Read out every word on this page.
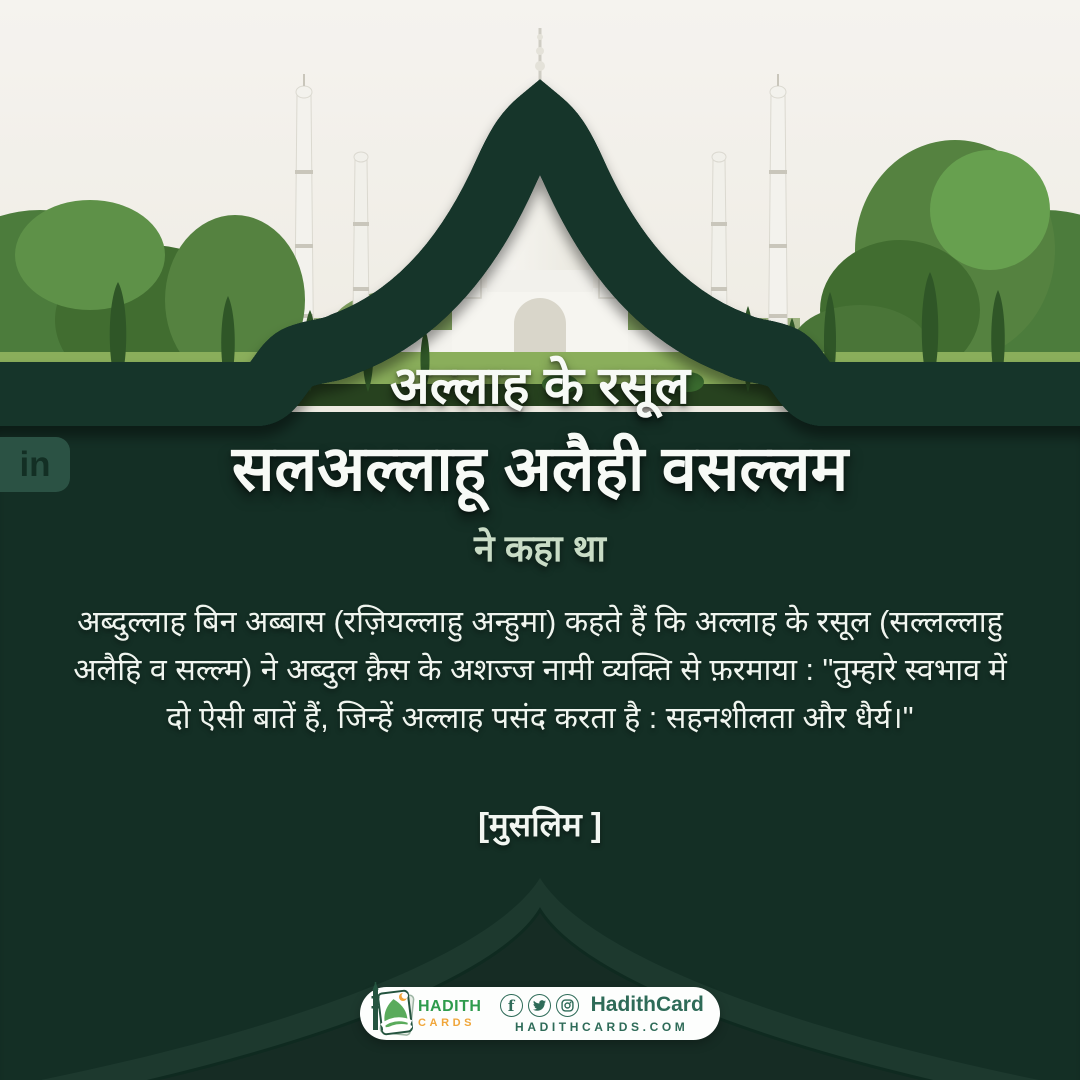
in
अल्लाह के रसूल
सलअल्लाहू अलैही वसल्लम
ने कहा था
अब्दुल्लाह बिन अब्बास (रज़ियल्लाहु अन्हुमा) कहते हैं कि अल्लाह के रसूल (सल्लल्लाहु अलैहि व सल्ल्म) ने अब्दुल क़ैस के अशज्ज नामी व्यक्ति से फ़रमाया : "तुम्हारे स्वभाव में दो ऐसी बातें हैं, जिन्हें अल्लाह पसंद करता है : सहनशीलता और धैर्य।"
[मुसलिम ]
HADITH
CARDS
f	HadithCard
HADITHCARDS.COM
